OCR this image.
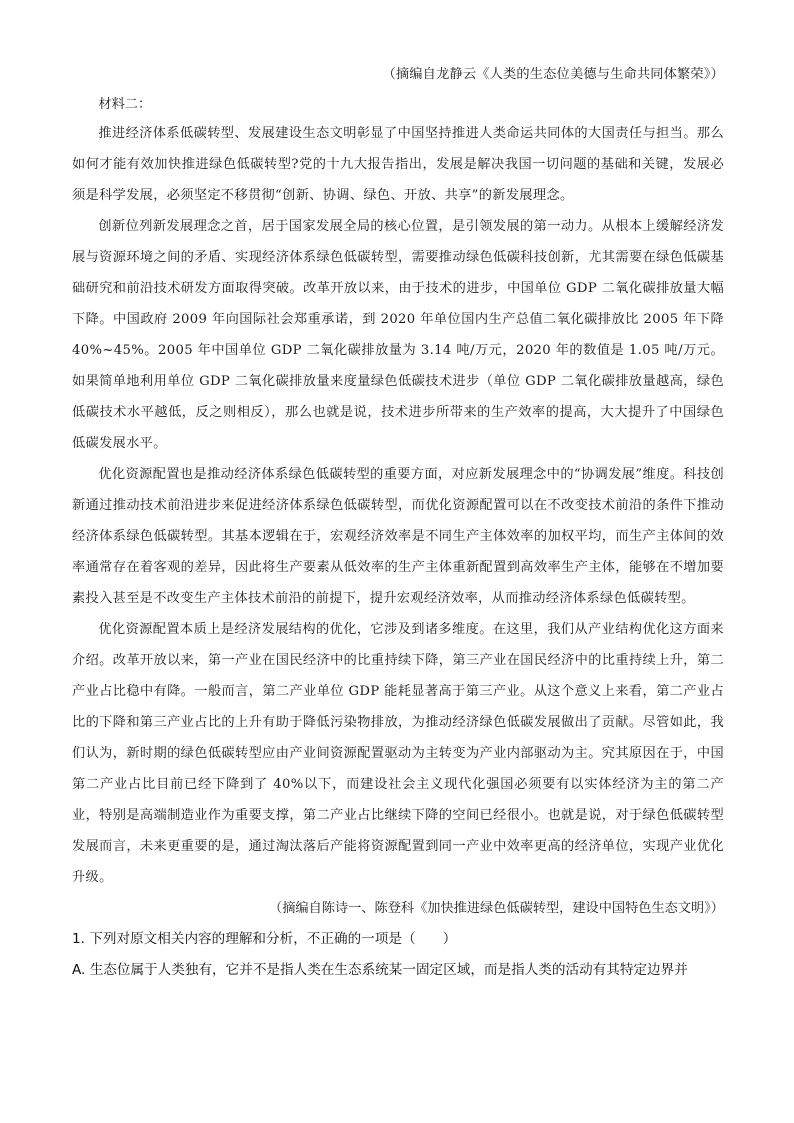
（摘编自龙静云《人类的生态位美德与生命共同体繁荣》）
材料二：

推进经济体系低碳转型、发展建设生态文明彰显了中国坚持推进人类命运共同体的大国责任与担当。那么如何才能有效加快推进绿色低碳转型?党的十九大报告指出，发展是解决我国一切问题的基础和关键，发展必须是科学发展，必须坚定不移贯彻“创新、协调、绿色、开放、共享”的新发展理念。

创新位列新发展理念之首，居于国家发展全局的核心位置，是引领发展的第一动力。从根本上缓解经济发展与资源环境之间的矛盾、实现经济体系绿色低碳转型，需要推动绿色低碳科技创新，尤其需要在绿色低碳基础研究和前沿技术研发方面取得突破。改革开放以来，由于技术的进步，中国单位 GDP 二氧化碳排放量大幅下降。中国政府 2009 年向国际社会郑重承诺，到 2020 年单位国内生产总值二氧化碳排放比 2005 年下降 40%~45%。2005 年中国单位 GDP 二氧化碳排放量为 3.14 吨/万元，2020 年的数值是 1.05 吨/万元。如果简单地利用单位 GDP 二氧化碳排放量来度量绿色低碳技术进步（单位 GDP 二氧化碳排放量越高，绿色低碳技术水平越低，反之则相反），那么也就是说，技术进步所带来的生产效率的提高，大大提升了中国绿色低碳发展水平。

优化资源配置也是推动经济体系绿色低碳转型的重要方面，对应新发展理念中的“协调发展”维度。科技创新通过推动技术前沿进步来促进经济体系绿色低碳转型，而优化资源配置可以在不改变技术前沿的条件下推动经济体系绿色低碳转型。其基本逻辑在于，宏观经济效率是不同生产主体效率的加权平均，而生产主体间的效率通常存在着客观的差异，因此将生产要素从低效率的生产主体重新配置到高效率生产主体，能够在不增加要素投入甚至是不改变生产主体技术前沿的前提下，提升宏观经济效率，从而推动经济体系绿色低碳转型。

优化资源配置本质上是经济发展结构的优化，它涉及到诸多维度。在这里，我们从产业结构优化这方面来介绍。改革开放以来，第一产业在国民经济中的比重持续下降，第三产业在国民经济中的比重持续上升，第二产业占比稳中有降。一般而言，第二产业单位 GDP 能耗显著高于第三产业。从这个意义上来看，第二产业占比的下降和第三产业占比的上升有助于降低污染物排放，为推动经济绿色低碳发展做出了贡献。尽管如此，我们认为，新时期的绿色低碳转型应由产业间资源配置驱动为主转变为产业内部驱动为主。究其原因在于，中国第二产业占比目前已经下降到了 40%以下，而建设社会主义现代化强国必须要有以实体经济为主的第二产业，特别是高端制造业作为重要支撑，第二产业占比继续下降的空间已经很小。也就是说，对于绿色低碳转型发展而言，未来更重要的是，通过淘汰落后产能将资源配置到同一产业中效率更高的经济单位，实现产业优化升级。

（摘编自陈诗一、陈登科《加快推进绿色低碳转型，建设中国特色生态文明》）
1. 下列对原文相关内容的理解和分析，不正确的一项是（　　）
A. 生态位属于人类独有，它并不是指人类在生态系统某一固定区域，而是指人类的活动有其特定边界并
